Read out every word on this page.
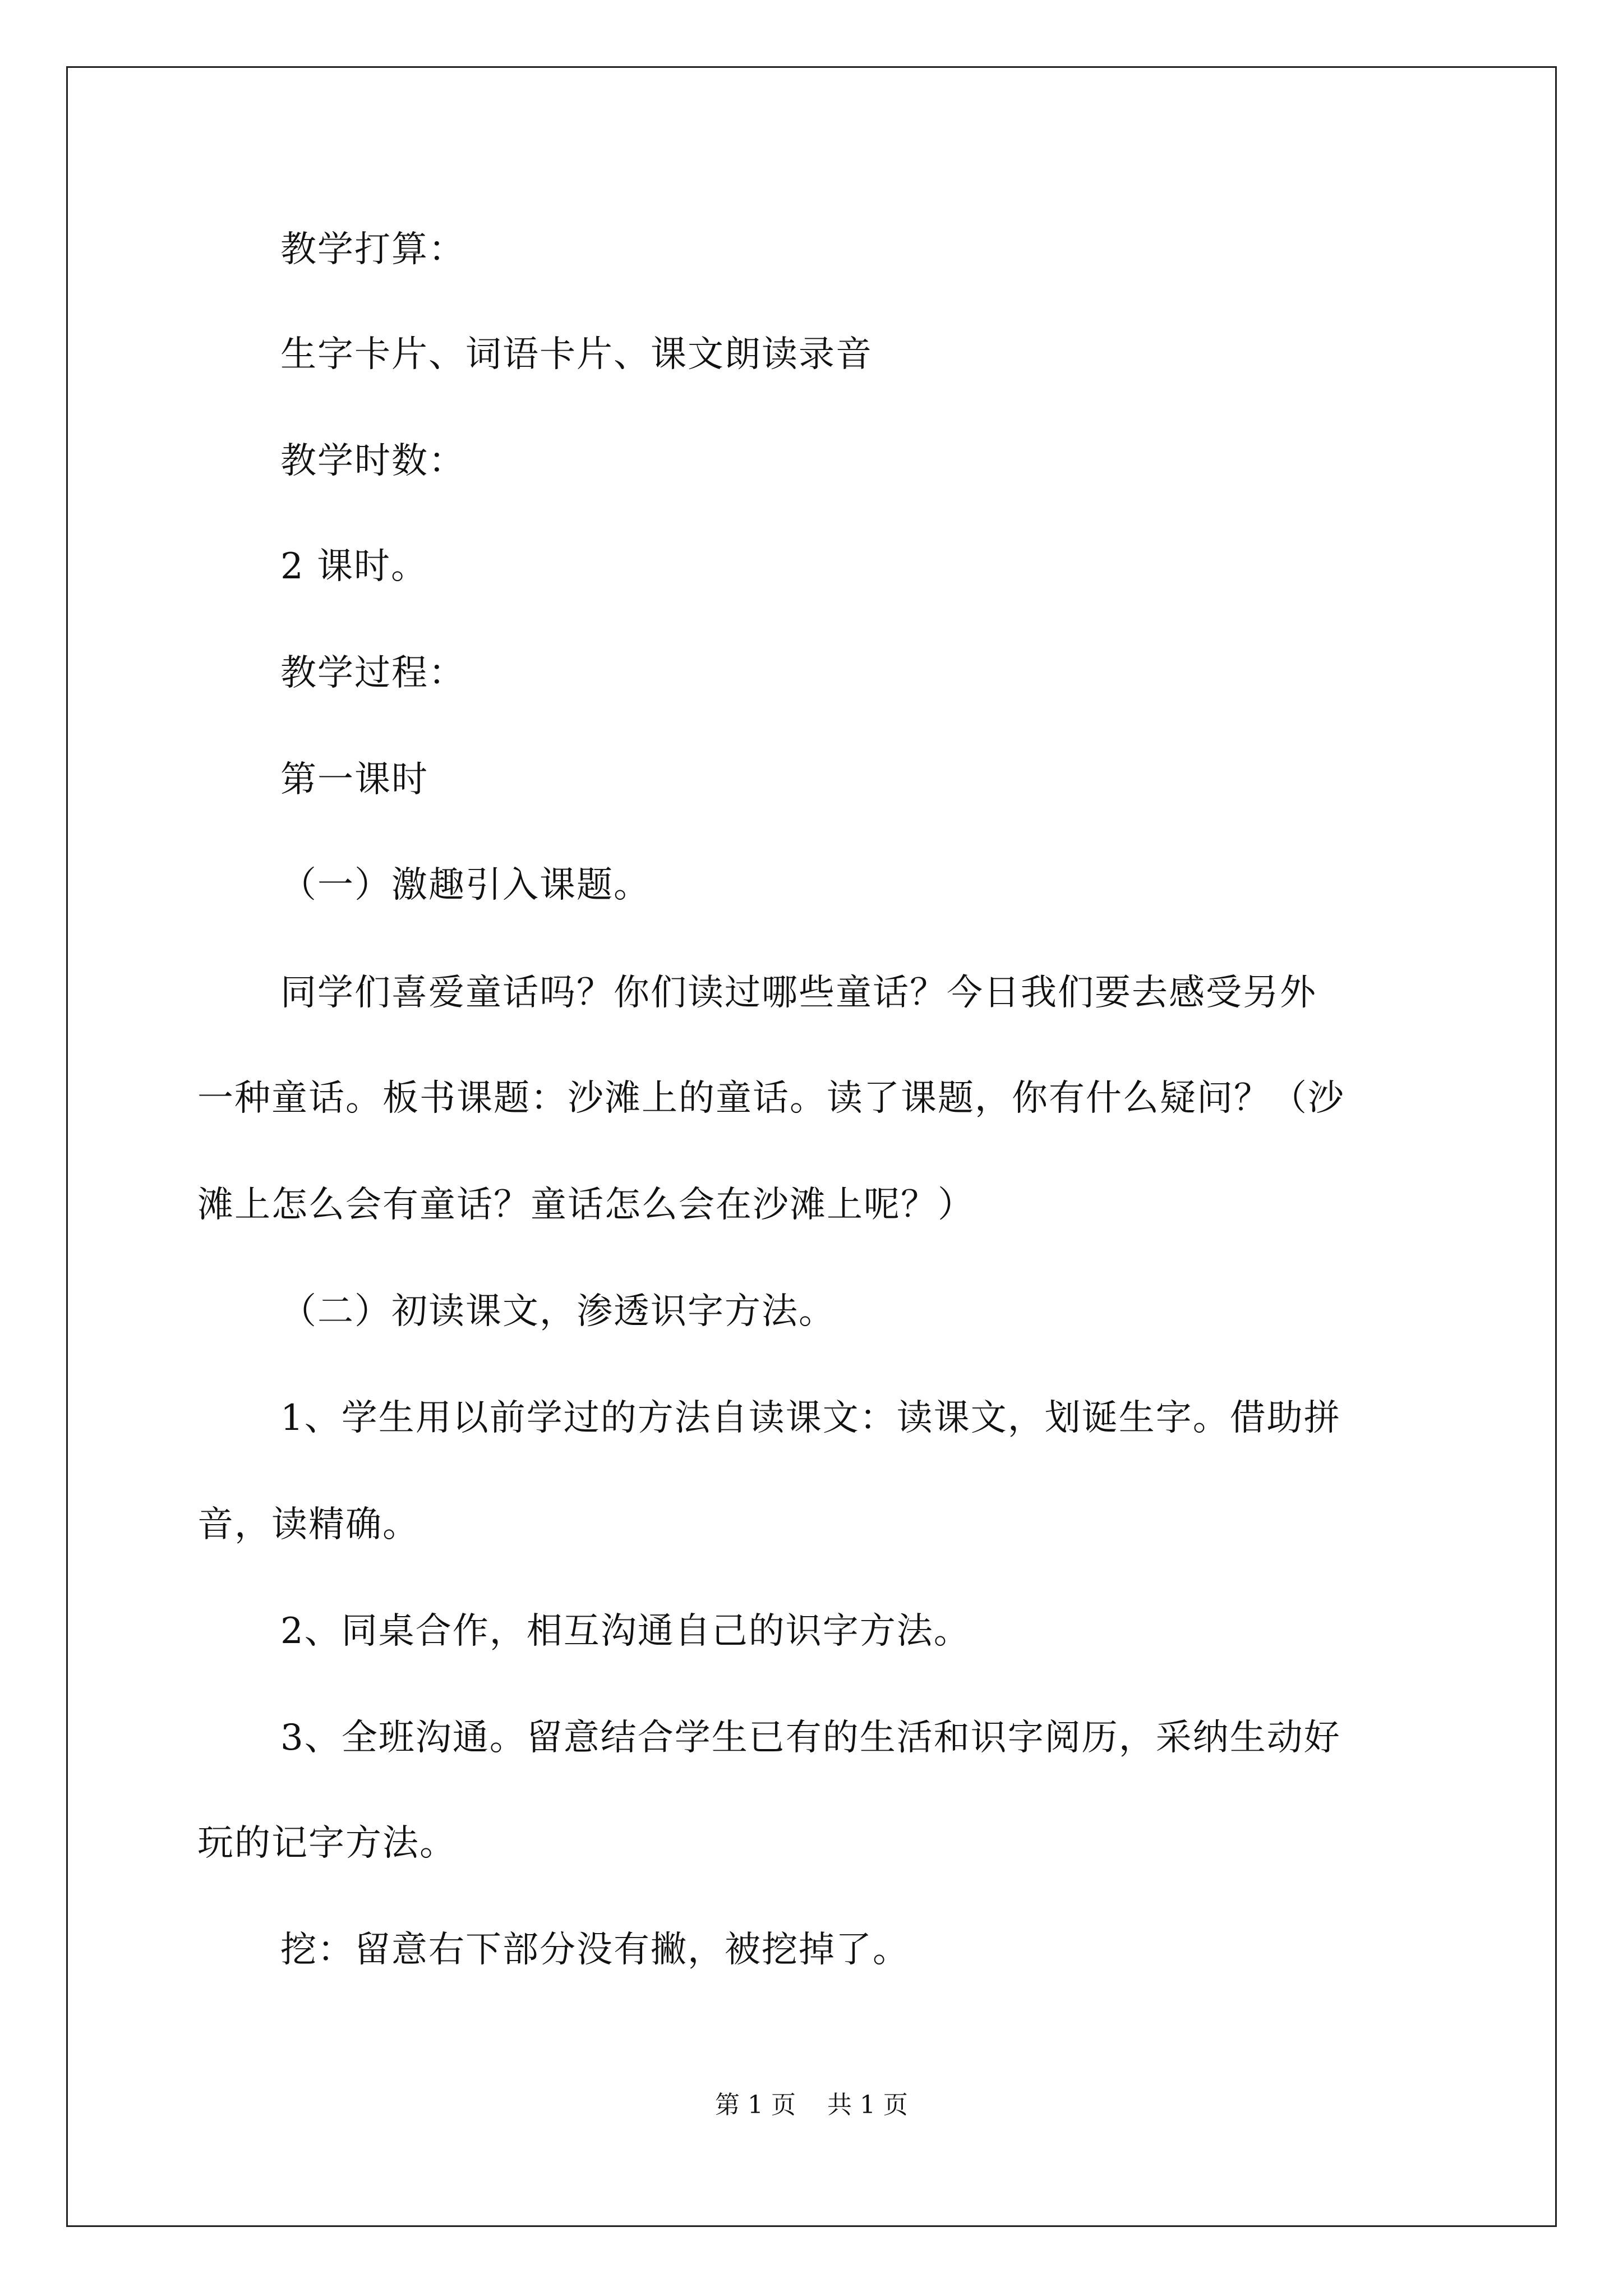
教学打算：
生字卡片、词语卡片、课文朗读录音
教学时数：
2 课时。
教学过程：
第一课时
（一）激趣引入课题。
同学们喜爱童话吗？你们读过哪些童话？今日我们要去感受另外
一种童话。板书课题：沙滩上的童话。读了课题，你有什么疑问？（沙
滩上怎么会有童话？童话怎么会在沙滩上呢？）
（二）初读课文，渗透识字方法。
1、学生用以前学过的方法自读课文：读课文，划诞生字。借助拼
音，读精确。
2、同桌合作，相互沟通自己的识字方法。
3、全班沟通。留意结合学生已有的生活和识字阅历，采纳生动好
玩的记字方法。
挖：留意右下部分没有撇，被挖掉了。
第 1 页    共 1 页
